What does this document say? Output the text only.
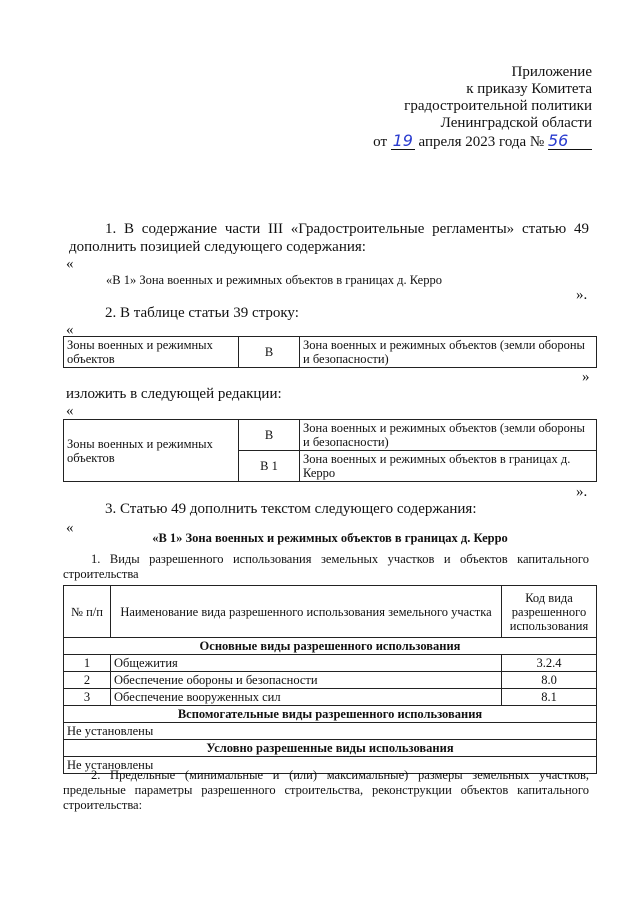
Приложение
к приказу Комитета
градостроительной политики
Ленинградской области
от 19 апреля 2023 года № 56
1. В содержание части III «Градостроительные регламенты» статью 49
дополнить позицией следующего содержания:
«
«В 1» Зона военных и режимных объектов в границах д. Керро
».
2. В таблице статьи 39 строку:
«
Зоны военных и режимных объектов	В	Зона военных и режимных объектов (земли обороны и безопасности)
»
изложить в следующей редакции:
«
Зоны военных и режимных объектов	В	Зона военных и режимных объектов (земли обороны и безопасности)
	В 1	Зона военных и режимных объектов в границах д. Керро
».
3. Статью 49 дополнить текстом следующего содержания:
«
«В 1» Зона военных и режимных объектов в границах д. Керро
1. Виды разрешенного использования земельных участков и объектов капитального строительства
№ п/п	Наименование вида разрешенного использования земельного участка	Код вида разрешенного использования
Основные виды разрешенного использования		
1	Общежития	3.2.4
2	Обеспечение обороны и безопасности	8.0
3	Обеспечение вооруженных сил	8.1
Вспомогательные виды разрешенного использования		
Не установлены		
Условно разрешенные виды использования		
Не установлены		
2. Предельные (минимальные и (или) максимальные) размеры земельных участков, предельные параметры разрешенного строительства, реконструкции объектов капитального строительства:
